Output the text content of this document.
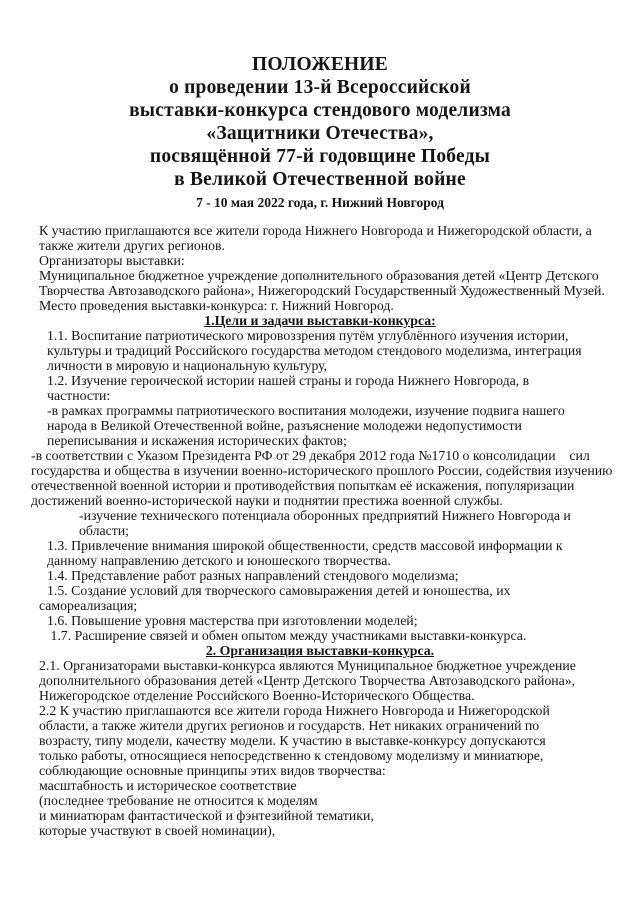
ПОЛОЖЕНИЕ
о проведении 13-й Всероссийской
выставки-конкурса стендового моделизма
«Защитники Отечества»,
посвящённой 77-й годовщине Победы
в Великой Отечественной войне
7 - 10 мая 2022 года, г. Нижний Новгород
К участию приглашаются все жители города Нижнего Новгорода и Нижегородской области, а
также жители других регионов.
Организаторы выставки:
Муниципальное бюджетное учреждение дополнительного образования детей «Центр Детского
Творчества Автозаводского района», Нижегородский Государственный Художественный Музей.
Место проведения выставки-конкурса: г. Нижний Новгород.
1.Цели и задачи выставки-конкурса:
1.1. Воспитание патриотического мировоззрения путём углублённого изучения истории,
культуры и традиций Российского государства методом стендового моделизма, интеграция
личности в мировую и национальную культуру,
1.2. Изучение героической истории нашей страны и города Нижнего Новгорода, в
частности:
-в рамках программы патриотического воспитания молодежи, изучение подвига нашего
народа в Великой Отечественной войне, разъяснение молодежи недопустимости
переписывания и искажения исторических фактов;
-в соответствии с Указом Президента РФ от 29 декабря 2012 года №1710 о консолидации    сил
государства и общества в изучении военно-исторического прошлого России, содействия изучению
отечественной военной истории и противодействия попыткам её искажения, популяризации
достижений военно-исторической науки и поднятии престижа военной службы.
-изучение технического потенциала оборонных предприятий Нижнего Новгорода и
области;
1.3. Привлечение внимания широкой общественности, средств массовой информации к
данному направлению детского и юношеского творчества.
1.4. Представление работ разных направлений стендового моделизма;
1.5. Создание условий для творческого самовыражения детей и юношества, их
самореализация;
1.6. Повышение уровня мастерства при изготовлении моделей;
1.7. Расширение связей и обмен опытом между участниками выставки-конкурса.
2. Организация выставки-конкурса.
2.1. Организаторами выставки-конкурса являются Муниципальное бюджетное учреждение
дополнительного образования детей «Центр Детского Творчества Автозаводского района»,
Нижегородское отделение Российского Военно-Исторического Общества.
2.2 К участию приглашаются все жители города Нижнего Новгорода и Нижегородской
области, а также жители других регионов и государств. Нет никаких ограничений по
возрасту, типу модели, качеству модели. К участию в выставке-конкурсу допускаются
только работы, относящиеся непосредственно к стендовому моделизму и миниатюре,
соблюдающие основные принципы этих видов творчества:
масштабность и историческое соответствие
(последнее требование не относится к моделям
и миниатюрам фантастической и фэнтезийной тематики,
которые участвуют в своей номинации),
